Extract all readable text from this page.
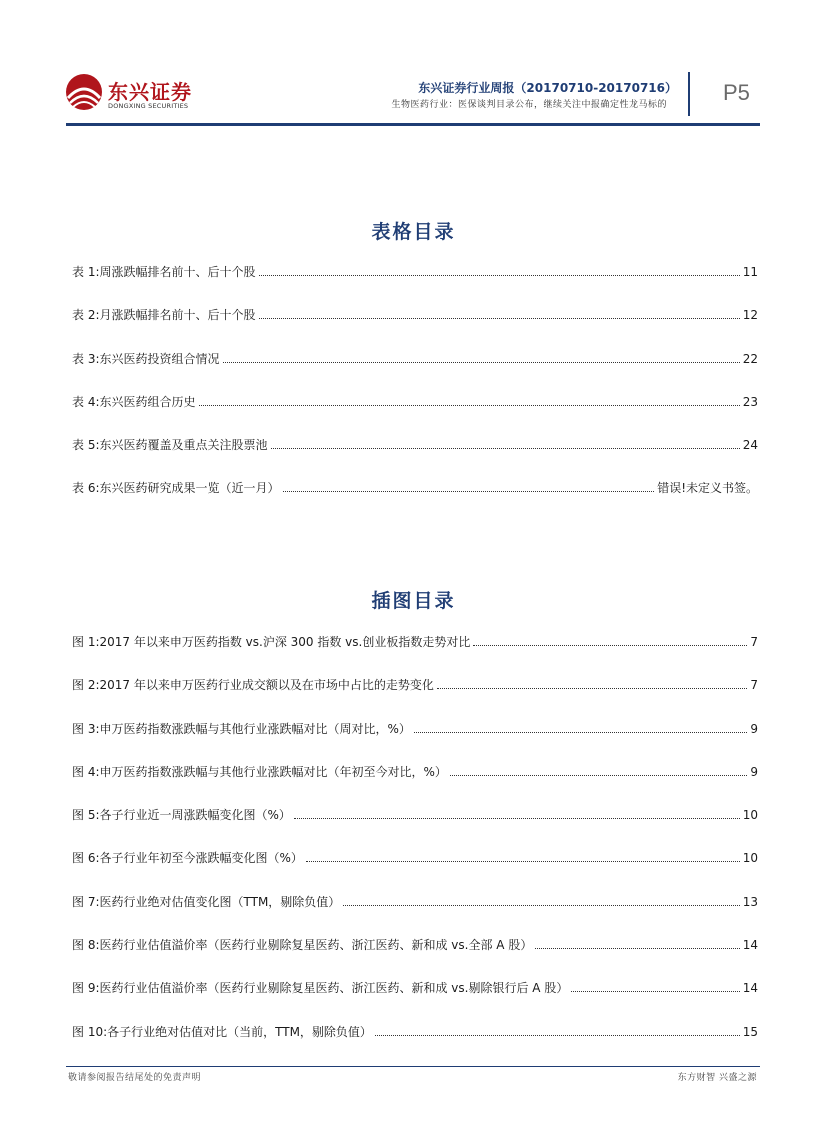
东兴证券
DONGXING SECURITIES
东兴证券行业周报（20170710-20170716）
生物医药行业：医保谈判目录公布，继续关注中报确定性龙马标的	P5
表格目录
表 1:周涨跌幅排名前十、后十个股	11
表 2:月涨跌幅排名前十、后十个股	12
表 3:东兴医药投资组合情况	22
表 4:东兴医药组合历史	23
表 5:东兴医药覆盖及重点关注股票池	24
表 6:东兴医药研究成果一览（近一月）	错误!未定义书签。
插图目录
图 1:2017 年以来申万医药指数 vs.沪深 300 指数 vs.创业板指数走势对比	7
图 2:2017 年以来申万医药行业成交额以及在市场中占比的走势变化	7
图 3:申万医药指数涨跌幅与其他行业涨跌幅对比（周对比，%）	9
图 4:申万医药指数涨跌幅与其他行业涨跌幅对比（年初至今对比，%）	9
图 5:各子行业近一周涨跌幅变化图（%）	10
图 6:各子行业年初至今涨跌幅变化图（%）	10
图 7:医药行业绝对估值变化图（TTM，剔除负值）	13
图 8:医药行业估值溢价率（医药行业剔除复星医药、浙江医药、新和成 vs.全部 A 股）	14
图 9:医药行业估值溢价率（医药行业剔除复星医药、浙江医药、新和成 vs.剔除银行后 A 股）	14
图 10:各子行业绝对估值对比（当前，TTM，剔除负值）	15
敬请参阅报告结尾处的免责声明	东方财智 兴盛之源
